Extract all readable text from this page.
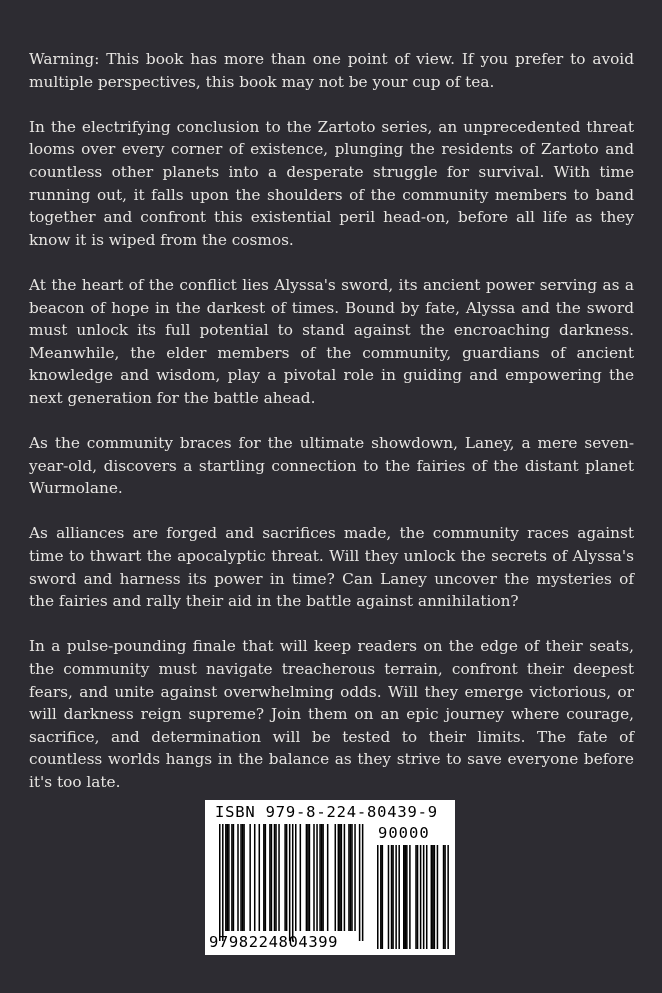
Warning: This book has more than one point of view. If you prefer to avoid multiple perspectives, this book may not be your cup of tea.

In the electrifying conclusion to the Zartoto series, an unprecedented threat looms over every corner of existence, plunging the residents of Zartoto and countless other planets into a desperate struggle for survival. With time running out, it falls upon the shoulders of the community members to band together and confront this existential peril head-on, before all life as they know it is wiped from the cosmos.

At the heart of the conflict lies Alyssa's sword, its ancient power serving as a beacon of hope in the darkest of times. Bound by fate, Alyssa and the sword must unlock its full potential to stand against the encroaching darkness. Meanwhile, the elder members of the community, guardians of ancient knowledge and wisdom, play a pivotal role in guiding and empowering the next generation for the battle ahead.

As the community braces for the ultimate showdown, Laney, a mere seven-year-old, discovers a startling connection to the fairies of the distant planet Wurmolane.

As alliances are forged and sacrifices made, the community races against time to thwart the apocalyptic threat. Will they unlock the secrets of Alyssa's sword and harness its power in time? Can Laney uncover the mysteries of the fairies and rally their aid in the battle against annihilation?

In a pulse-pounding finale that will keep readers on the edge of their seats, the community must navigate treacherous terrain, confront their deepest fears, and unite against overwhelming odds. Will they emerge victorious, or will darkness reign supreme? Join them on an epic journey where courage, sacrifice, and determination will be tested to their limits. The fate of countless worlds hangs in the balance as they strive to save everyone before it's too late.

ISBN 979-8-224-80439-9
90000
9798224804399
